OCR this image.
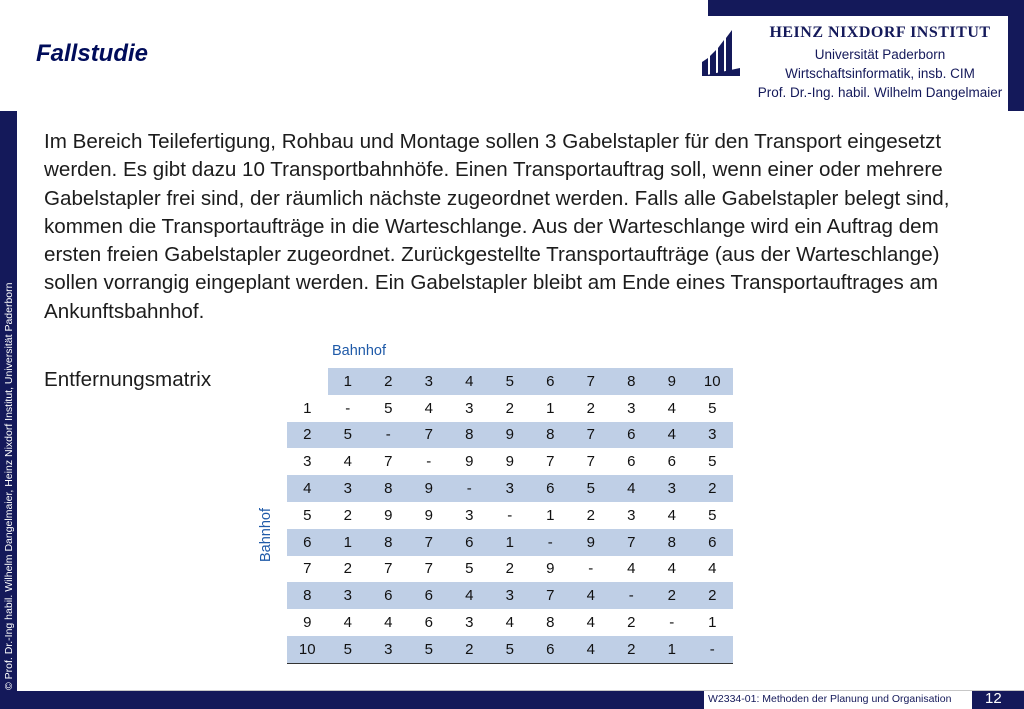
Fallstudie
HEINZ NIXDORF INSTITUT
Universität Paderborn
Wirtschaftsinformatik, insb. CIM
Prof. Dr.-Ing. habil. Wilhelm Dangelmaier
© Prof. Dr.-Ing habil. Wilhelm Dangelmaier, Heinz Nixdorf Institut, Universität Paderborn
Im Bereich Teilefertigung, Rohbau und Montage sollen 3 Gabelstapler für den Transport eingesetzt werden. Es gibt dazu 10 Transportbahnhöfe. Einen Transportauftrag soll, wenn einer oder mehrere Gabelstapler frei sind, der räumlich nächste zugeordnet werden. Falls alle Gabelstapler belegt sind, kommen die Transportaufträge in die Warteschlange. Aus der Warteschlange wird ein Auftrag dem ersten freien Gabelstapler zugeordnet. Zurückgestellte Transportaufträge (aus der Warteschlange) sollen vorrangig eingeplant werden. Ein Gabelstapler bleibt am Ende eines Transportauftrages am Ankunftsbahnhof.
Entfernungsmatrix
Bahnhof
Bahnhof
	1	2	3	4	5	6	7	8	9	10
1	-	5	4	3	2	1	2	3	4	5
2	5	-	7	8	9	8	7	6	4	3
3	4	7	-	9	9	7	7	6	6	5
4	3	8	9	-	3	6	5	4	3	2
5	2	9	9	3	-	1	2	3	4	5
6	1	8	7	6	1	-	9	7	8	6
7	2	7	7	5	2	9	-	4	4	4
8	3	6	6	4	3	7	4	-	2	2
9	4	4	6	3	4	8	4	2	-	1
10	5	3	5	2	5	6	4	2	1	-
W2334-01: Methoden der Planung und Organisation 12
